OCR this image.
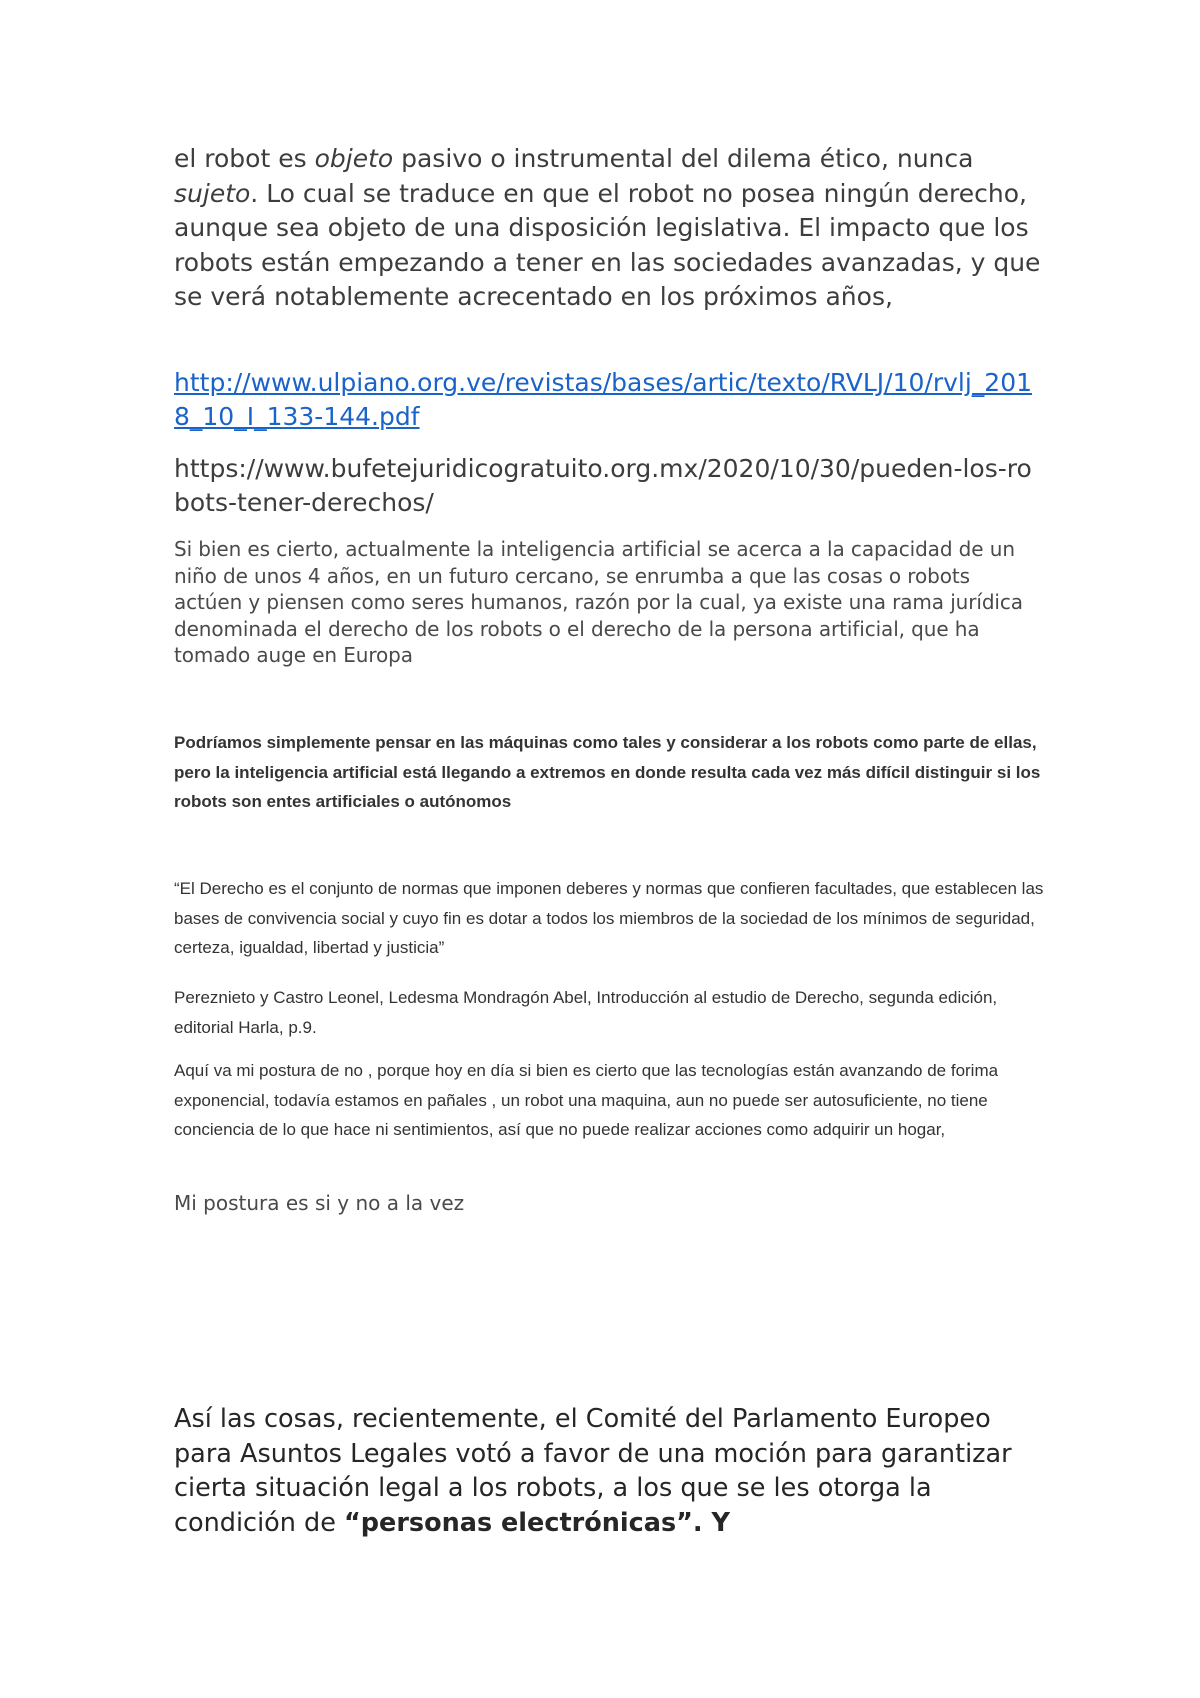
el robot es objeto pasivo o instrumental del dilema ético, nunca sujeto. Lo cual se traduce en que el robot no posea ningún derecho, aunque sea objeto de una disposición legislativa. El impacto que los robots están empezando a tener en las sociedades avanzadas, y que se verá notablemente acrecentado en los próximos años,

http://www.ulpiano.org.ve/revistas/bases/artic/texto/RVLJ/10/rvlj_2018_10_I_133-144.pdf

https://www.bufetejuridicogratuito.org.mx/2020/10/30/pueden-los-robots-tener-derechos/

Si bien es cierto, actualmente la inteligencia artificial se acerca a la capacidad de un niño de unos 4 años, en un futuro cercano, se enrumba a que las cosas o robots actúen y piensen como seres humanos, razón por la cual, ya existe una rama jurídica denominada el derecho de los robots o el derecho de la persona artificial, que ha tomado auge en Europa

Podríamos simplemente pensar en las máquinas como tales y considerar a los robots como parte de ellas, pero la inteligencia artificial está llegando a extremos en donde resulta cada vez más difícil distinguir si los robots son entes artificiales o autónomos

“El Derecho es el conjunto de normas que imponen deberes y normas que confieren facultades, que establecen las bases de convivencia social y cuyo fin es dotar a todos los miembros de la sociedad de los mínimos de seguridad, certeza, igualdad, libertad y justicia”

Pereznieto y Castro Leonel, Ledesma Mondragón Abel, Introducción al estudio de Derecho, segunda edición, editorial Harla, p.9.

Aquí va mi postura de no , porque hoy en día si bien es cierto que las tecnologías están avanzando de forima exponencial, todavía estamos en pañales , un robot una maquina, aun no puede ser autosuficiente, no tiene conciencia de lo que hace ni sentimientos, así que no puede realizar acciones como adquirir un hogar,

Mi postura es si y no a la vez

Así las cosas, recientemente, el Comité del Parlamento Europeo para Asuntos Legales votó a favor de una moción para garantizar cierta situación legal a los robots, a los que se les otorga la condición de “personas electrónicas”. Y
